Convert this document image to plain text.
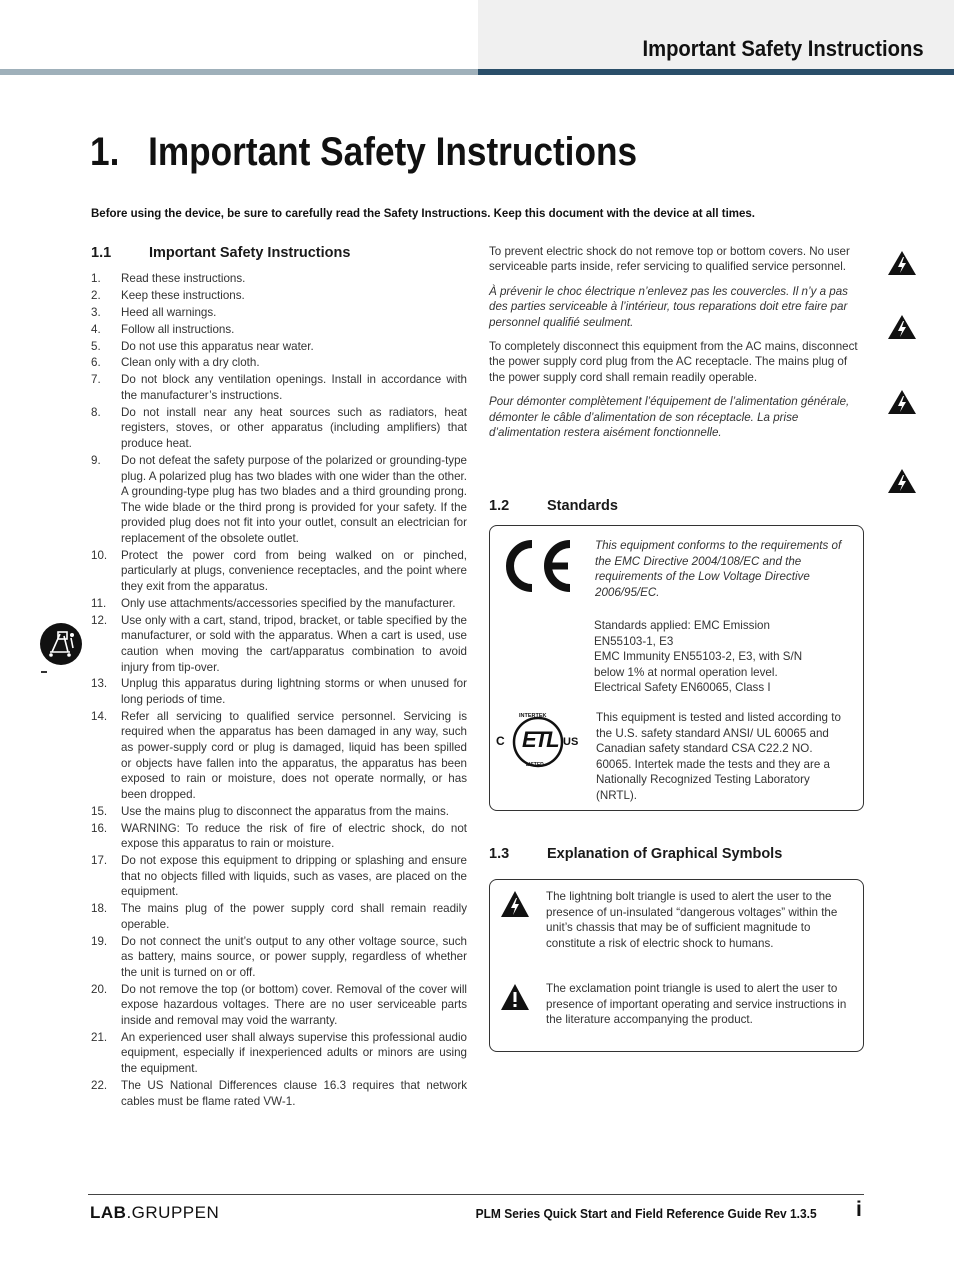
Important Safety Instructions
1. Important Safety Instructions
Before using the device, be sure to carefully read the Safety Instructions. Keep this document with the device at all times.
1.1	Important Safety Instructions
1.	Read these instructions.
2.	Keep these instructions.
3.	Heed all warnings.
4.	Follow all instructions.
5.	Do not use this apparatus near water.
6.	Clean only with a dry cloth.
7.	Do not block any ventilation openings. Install in accordance with the manufacturer’s instructions.
8.	Do not install near any heat sources such as radiators, heat registers, stoves, or other apparatus (including amplifiers) that produce heat.
9.	Do not defeat the safety purpose of the polarized or grounding-type plug. A polarized plug has two blades with one wider than the other. A grounding-type plug has two blades and a third grounding prong. The wide blade or the third prong is provided for your safety. If the provided plug does not fit into your outlet, consult an electrician for replacement of the obsolete outlet.
10.	Protect the power cord from being walked on or pinched, particularly at plugs, convenience receptacles, and the point where they exit from the apparatus.
11.	Only use attachments/accessories specified by the manufacturer.
12.	Use only with a cart, stand, tripod, bracket, or table specified by the manufacturer, or sold with the apparatus. When a cart is used, use caution when moving the cart/apparatus combination to avoid injury from tip-over.
13.	Unplug this apparatus during lightning storms or when unused for long periods of time.
14.	Refer all servicing to qualified service personnel. Servicing is required when the apparatus has been damaged in any way, such as power-supply cord or plug is damaged, liquid has been spilled or objects have fallen into the apparatus, the apparatus has been exposed to rain or moisture, does not operate normally, or has been dropped.
15.	Use the mains plug to disconnect the apparatus from the mains.
16.	WARNING: To reduce the risk of fire of electric shock, do not expose this apparatus to rain or moisture.
17.	Do not expose this equipment to dripping or splashing and ensure that no objects filled with liquids, such as vases, are placed on the equipment.
18.	The mains plug of the power supply cord shall remain readily operable.
19.	Do not connect the unit’s output to any other voltage source, such as battery, mains source, or power supply, regardless of whether the unit is turned on or off.
20.	Do not remove the top (or bottom) cover. Removal of the cover will expose hazardous voltages. There are no user serviceable parts inside and removal may void the warranty.
21.	An experienced user shall always supervise this professional audio equipment, especially if inexperienced adults or minors are using the equipment.
22.	The US National Differences clause 16.3 requires that network cables must be flame rated VW-1.

To prevent electric shock do not remove top or bottom covers. No user serviceable parts inside, refer servicing to qualified service personnel.

À prévenir le choc électrique n’enlevez pas les couvercles. Il n’y a pas des parties serviceable à l’intérieur, tous reparations doit etre faire par personnel qualifié seulment.

To completely disconnect this equipment from the AC mains, disconnect the power supply cord plug from the AC receptacle. The mains plug of the power supply cord shall remain readily operable.

Pour démonter complètement l’équipement de l’alimentation générale, démonter le câble d’alimentation de son réceptacle. La prise d’alimentation restera aisément fonctionnelle.

1.2	Standards
This equipment conforms to the requirements of the EMC Directive 2004/108/EC and the requirements of the Low Voltage Directive 2006/95/EC.
Standards applied: EMC Emission
EN55103-1, E3
EMC Immunity EN55103-2, E3, with S/N
below 1% at normal operation level.
Electrical Safety EN60065, Class I
INTERTEK
LISTED
C	US
ETL
This equipment is tested and listed according to the U.S. safety standard ANSI/ UL 60065 and Canadian safety standard CSA C22.2 NO. 60065. Intertek made the tests and they are a Nationally Recognized Testing Laboratory (NRTL).
1.3	Explanation of Graphical Symbols
The lightning bolt triangle is used to alert the user to the presence of un-insulated “dangerous voltages” within the unit’s chassis that may be of sufficient magnitude to constitute a risk of electric shock to humans.
The exclamation point triangle is used to alert the user to presence of important operating and service instructions in the literature accompanying the product.
LAB.GRUPPEN	PLM Series Quick Start and Field Reference Guide Rev 1.3.5 i
